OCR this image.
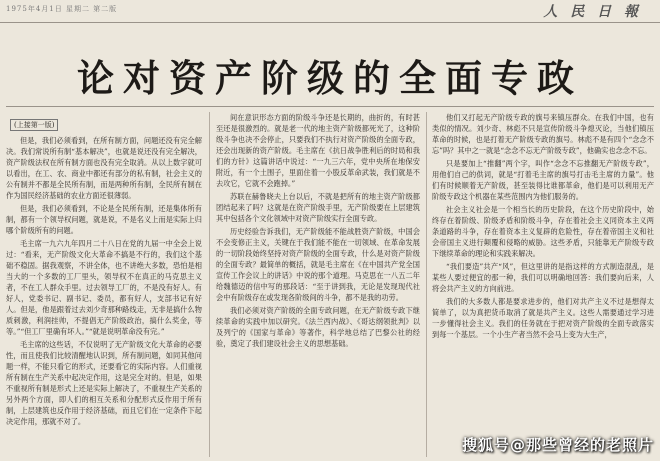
1975年4月1日 星期二 第二版	人 民 日 報
论对资产阶级的全面专政
(上接第一版)

但是，我们必须看到，在所有制方面，问题还没有完全解决。我们常说所有制“基本解决”，也就是说还没有完全解决，资产阶级法权在所有制方面也没有完全取消。从以上数字就可以看出，在工、农、商业中都还有部分的私有制，社会主义的公有制并不都是全民所有制，而是两种所有制，全民所有制在作为国民经济基础的农业方面还很薄弱。

但是，我们必须看到，不论是全民所有制，还是集体所有制，都有一个领导权问题，就是说，不是名义上而是实际上归哪个阶级所有的问题。

毛主席一九六九年四月二十八日在党的九届一中全会上说过：“看来，无产阶级文化大革命不搞是不行的，我们这个基础不稳固。据我观察，不讲全体，也不讲绝大多数，恐怕是相当大的一个多数的工厂里头，领导权不在真正的马克思主义者，不在工人群众手里。过去领导工厂的，不是没有好人。有好人，党委书记、副书记、委员，都有好人，支部书记有好人。但是，他是跟着过去刘少奇那种路线走，无非是搞什么物质刺激，利润挂帅，不提倡无产阶级政治，搞什么奖金，等等。”“但工厂里确有坏人。”“就是说明革命没有完。”

毛主席的这些话，不仅说明了无产阶级文化大革命的必要性，而且使我们比较清醒地认识到，所有制问题，如同其他问题一样，不能只看它的形式，还要看它的实际内容。人们重视所有制在生产关系中起决定作用，这是完全对的。但是，如果不重视所有制是形式上还是实际上解决了，不重视生产关系的另外两个方面，即人们的相互关系和分配形式反作用于所有制，上层建筑也反作用于经济基础，而且它们在一定条件下起决定作用，那就不对了。

间在意识形态方面的阶级斗争还是长期的，曲折的，有时甚至还是很激烈的。就是老一代的地主资产阶级都死光了，这种阶级斗争也决不会停止，只要我们不执行对资产阶级的全面专政，还会出现新的资产阶级。毛主席在《抗日战争胜利后的时局和我们的方针》这篇讲话中说过：“一九三六年，党中央所在地保安附近，有一个土围子，里面住着一小股反革命武装，我们就是不去攻它，它就不会跑掉。”

苏联在赫鲁晓夫上台以后，不就是把所有的地主资产阶级都团结起来了吗？这就是在资产阶级手里，无产阶级要在上层建筑其中包括各个文化领域中对资产阶级实行全面专政。

历史经验告诉我们，无产阶级能不能战胜资产阶级，中国会不会变修正主义，关键在于我们能不能在一切领域、在革命发展的一切阶段始终坚持对资产阶级的全面专政，什么是对资产阶级的全面专政？最简单的概括，就是毛主席在《在中国共产党全国宣传工作会议上的讲话》中说的那个道理。马克思在一八五二年给魏德迈的信中写的那段话：“至于讲到我，无论是发现现代社会中有阶级存在或发现各阶级间的斗争，都不是我的功劳。

我们必须对资产阶级的全面专政问题，在无产阶级专政下继续革命的实践中加以研究。《法兰西内战》、《哥达纲领批判》以及列宁的《国家与革命》等著作，科学地总结了巴黎公社的经验，奠定了我们建设社会主义的思想基础。

他们又打起无产阶级专政的旗号来镇压群众。在我们中国，也有类似的情况。刘少奇、林彪不只是宣传阶级斗争熄灭论，当他们镇压革命的时候，也是打着无产阶级专政的旗号。林彪不是有四个“念念不忘”吗？其中之一就是“念念不忘无产阶级专政”，他确实也念念不忘。

只是要加上“推翻”两个字，叫作“念念不忘推翻无产阶级专政”，用他们自己的供词，就是“打着毛主席的旗号打击毛主席的力量”。他们有时候顺着无产阶级，甚至装得比谁都革命，他们是可以利用无产阶级专政这个机器在某些范围内为他们服务的。

社会主义社会是一个相当长的历史阶段，在这个历史阶段中，始终存在着阶级、阶级矛盾和阶级斗争，存在着社会主义同资本主义两条道路的斗争，存在着资本主义复辟的危险性，存在着帝国主义和社会帝国主义进行颠覆和侵略的威胁。这些矛盾，只能靠无产阶级专政下继续革命的理论和实践来解决。

“我们要造”共产“风”，但这里讲的是指这样的方式制造混乱，是某些人要过便宜的那一种，我们可以明确地回答：我们要向后来，人将会共产主义的方向前进。

我们的大多数人都是要求进步的，他们对共产主义不过是想得太简单了，以为真把货币取消了就是共产主义。这些人需要通过学习进一步懂得社会主义。我们的任务就在于把对资产阶级的全面专政落实到每一个基层。一个小生产者当然不会马上变为大生产，

搜狐号@那些曾经的老照片
